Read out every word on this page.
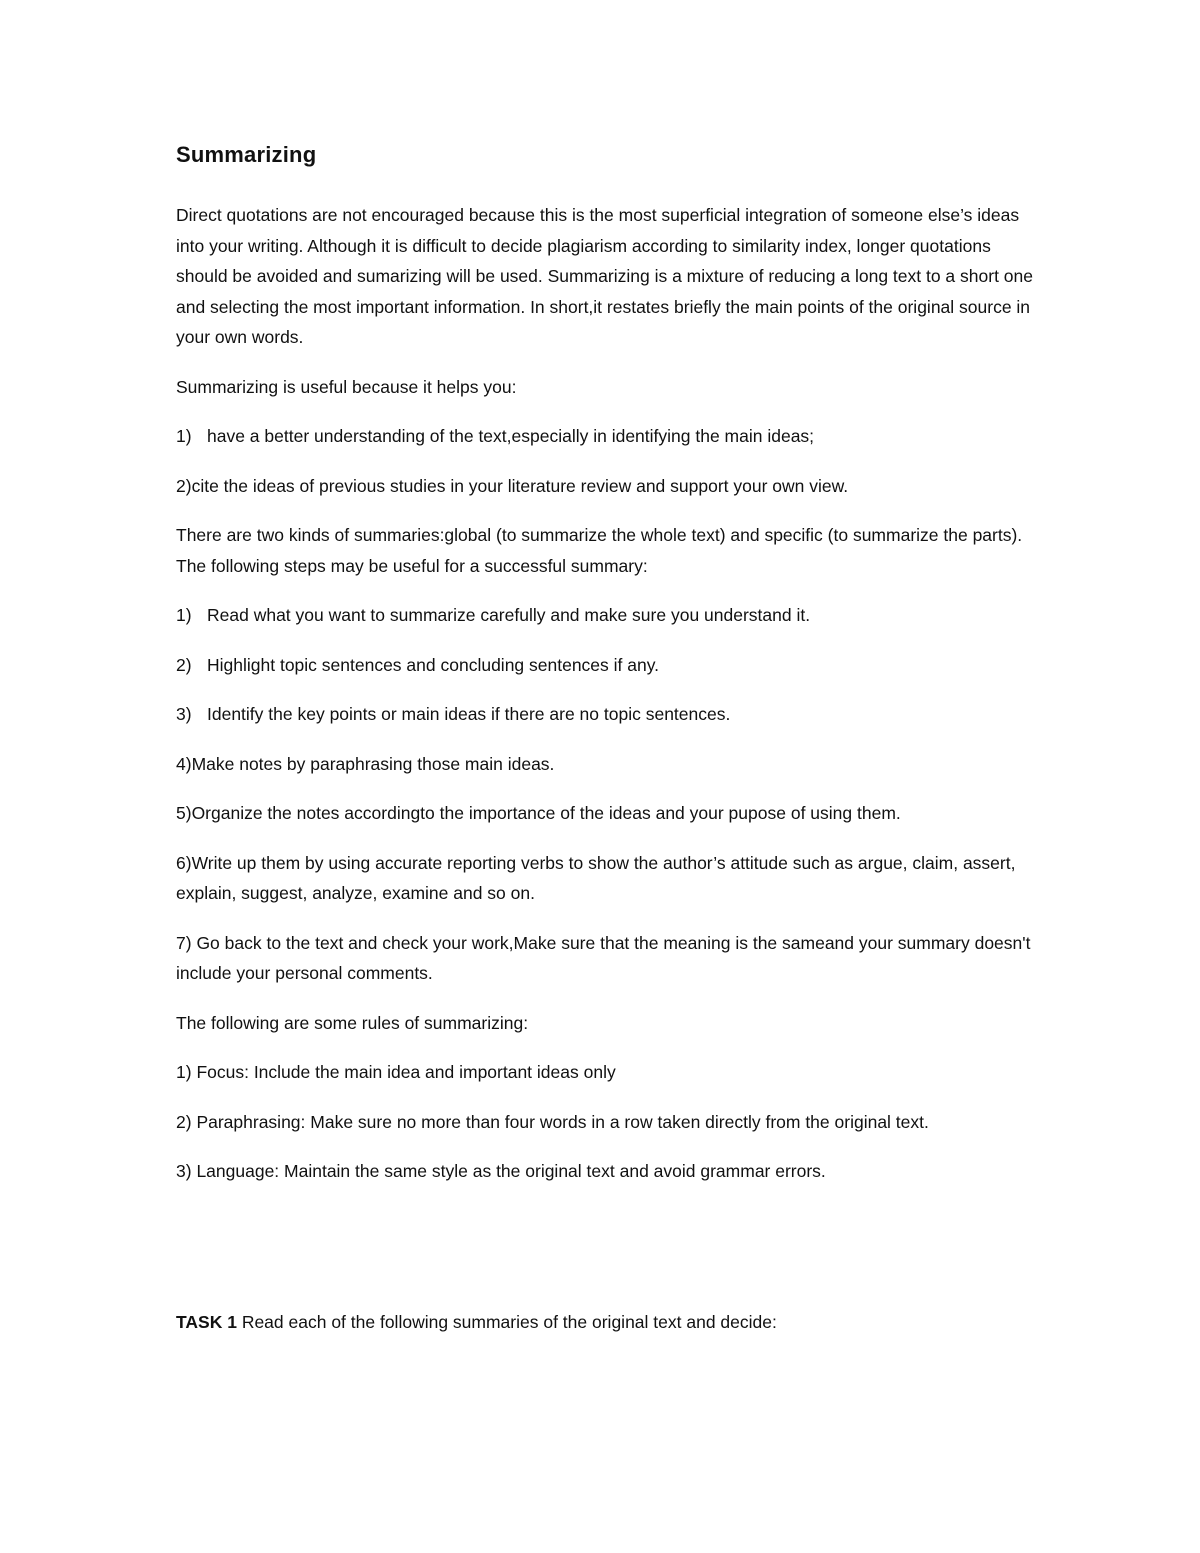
Summarizing
Direct quotations are not encouraged because this is the most superficial integration of someone else’s ideas into your writing. Although it is difficult to decide plagiarism according to similarity index, longer quotations should be avoided and sumarizing will be used. Summarizing is a mixture of reducing a long text to a short one and selecting the most important information. In short,it restates briefly the main points of the original source in your own words.
Summarizing is useful because it helps you:
1) have a better understanding of the text,especially in identifying the main ideas;
2)cite the ideas of previous studies in your literature review and support your own view.
There are two kinds of summaries:global (to summarize the whole text) and specific (to summarize the parts). The following steps may be useful for a successful summary:
1) Read what you want to summarize carefully and make sure you understand it.
2) Highlight topic sentences and concluding sentences if any.
3) Identify the key points or main ideas if there are no topic sentences.
4)Make notes by paraphrasing those main ideas.
5)Organize the notes accordingto the importance of the ideas and your pupose of using them.
6)Write up them by using accurate reporting verbs to show the author’s attitude such as argue, claim, assert, explain, suggest, analyze, examine and so on.
7) Go back to the text and check your work,Make sure that the meaning is the sameand your summary doesn't include your personal comments.
The following are some rules of summarizing:
1) Focus: Include the main idea and important ideas only
2) Paraphrasing: Make sure no more than four words in a row taken directly from the original text.
3) Language: Maintain the same style as the original text and avoid grammar errors.
TASK 1 Read each of the following summaries of the original text and decide:
